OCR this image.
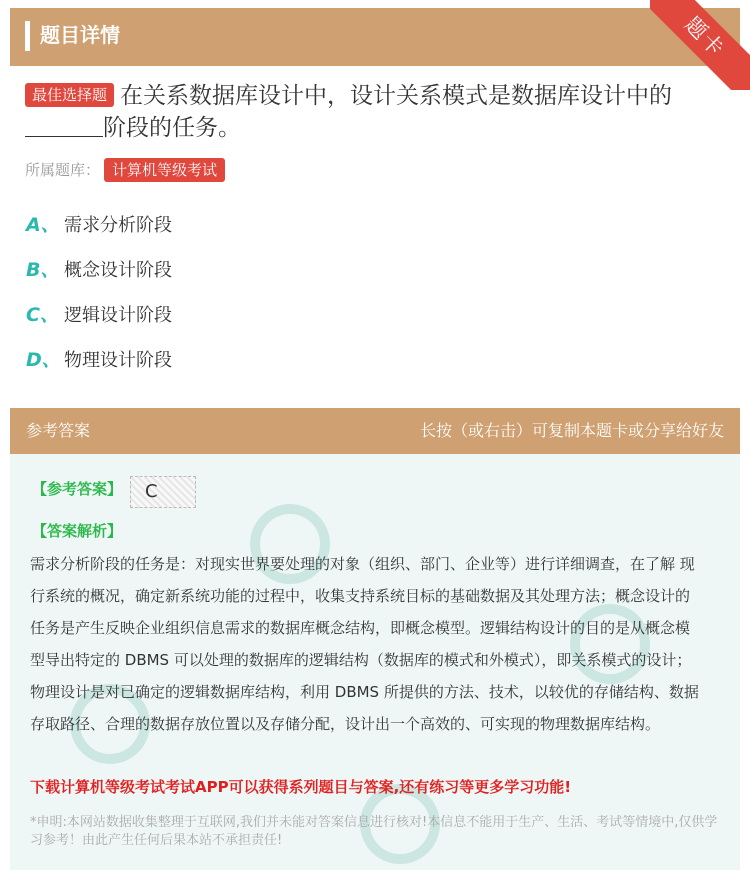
题目详情	题卡
最佳选择题 在关系数据库设计中，设计关系模式是数据库设计中的
阶段的任务。
所属题库： 计算机等级考试
A、 需求分析阶段
B、 概念设计阶段
C、 逻辑设计阶段
D、 物理设计阶段
参考答案	长按（或右击）可复制本题卡或分享给好友
【参考答案】	C
【答案解析】
需求分析阶段的任务是：对现实世界要处理的对象（组织、部门、企业等）进行详细调查，在了解 现行系统的概况，确定新系统功能的过程中，收集支持系统目标的基础数据及其处理方法；概念设计的任务是产生反映企业组织信息需求的数据库概念结构，即概念模型。逻辑结构设计的目的是从概念模型导出特定的 DBMS 可以处理的数据库的逻辑结构（数据库的模式和外模式），即关系模式的设计；物理设计是对已确定的逻辑数据库结构，利用 DBMS 所提供的方法、技术，以较优的存储结构、数据 存取路径、合理的数据存放位置以及存储分配，设计出一个高效的、可实现的物理数据库结构。
下载计算机等级考试考试APP可以获得系列题目与答案,还有练习等更多学习功能!
*申明:本网站数据收集整理于互联网,我们并未能对答案信息进行核对!本信息不能用于生产、生活、考试等情境中,仅供学习参考！由此产生任何后果本站不承担责任!
